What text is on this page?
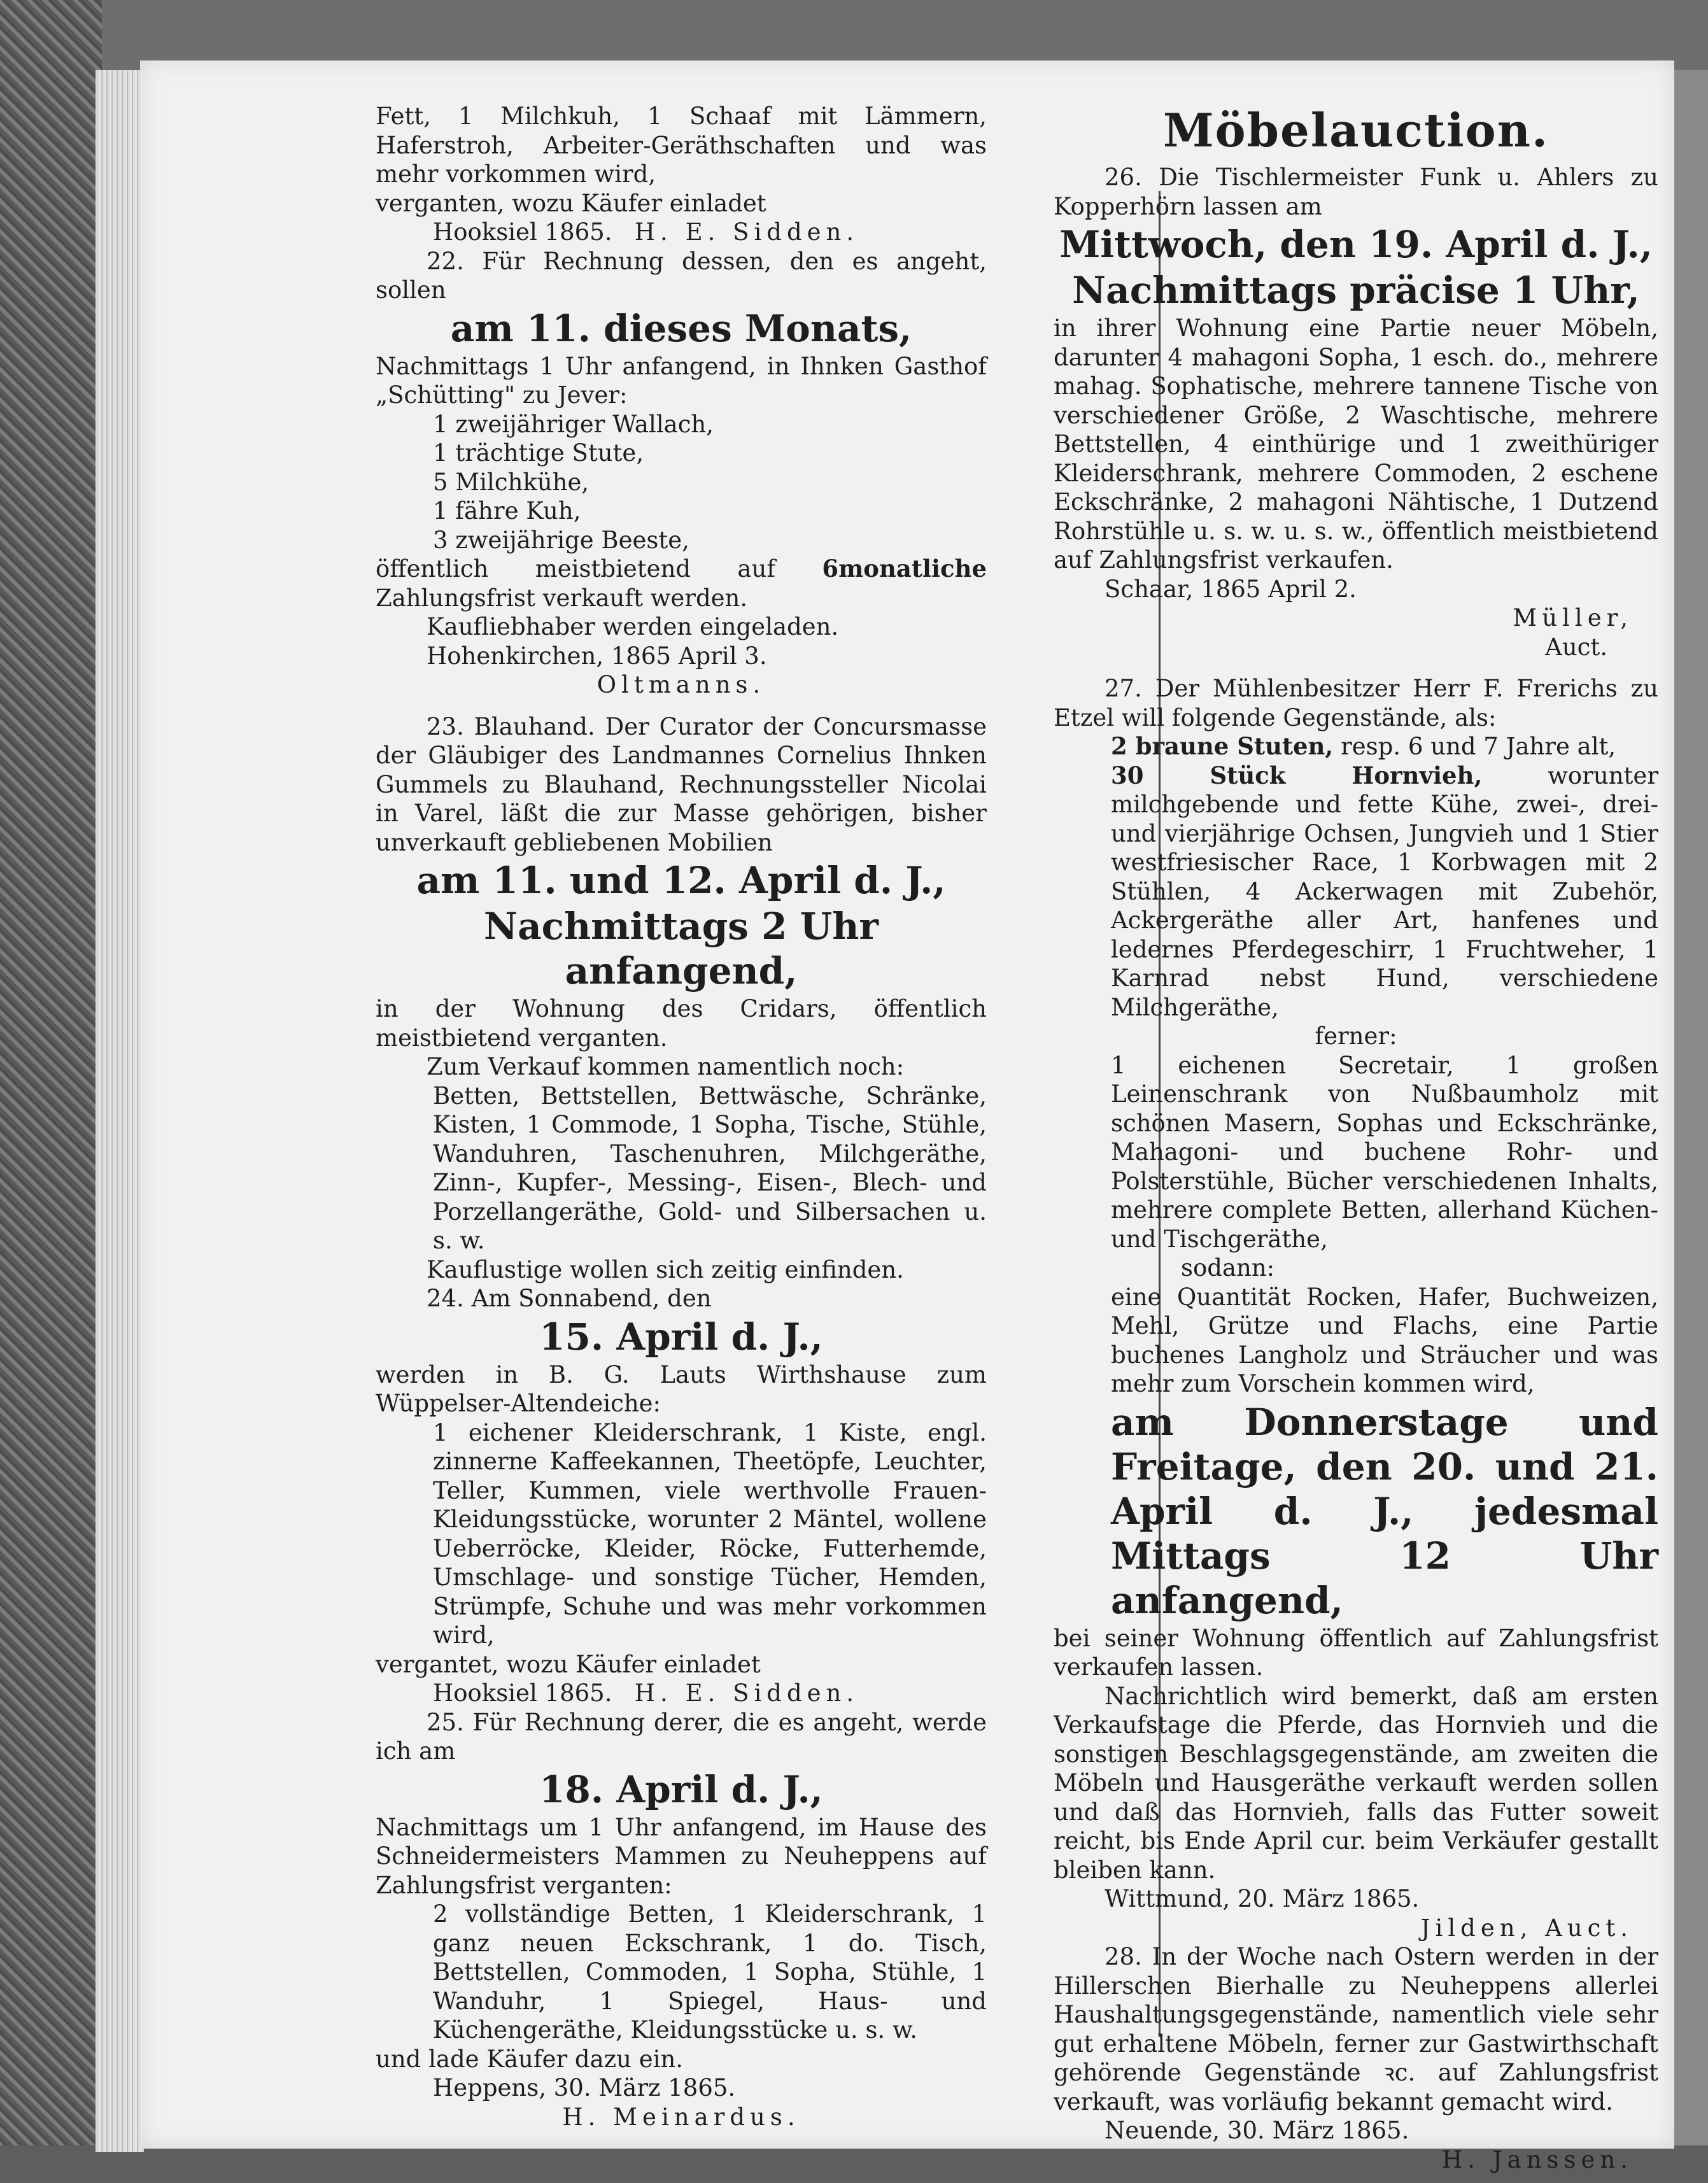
Fett, 1 Milchkuh, 1 Schaaf mit Lämmern, Haferstroh, Arbeiter-Geräthschaften und was mehr vorkommen wird,

verganten, wozu Käufer einladet

Hooksiel 1865. H. E. Sidden.

22. Für Rechnung dessen, den es angeht, sollen

am 11. dieses Monats,

Nachmittags 1 Uhr anfangend, in Ihnken Gasthof „Schütting" zu Jever:

1 zweijähriger Wallach,

1 trächtige Stute,

5 Milchkühe,

1 fähre Kuh,

3 zweijährige Beeste,

öffentlich meistbietend auf 6monatliche Zahlungsfrist verkauft werden.

Kaufliebhaber werden eingeladen.

Hohenkirchen, 1865 April 3.

Oltmanns.

23. Blauhand. Der Curator der Concursmasse der Gläubiger des Landmannes Cornelius Ihnken Gummels zu Blauhand, Rechnungssteller Nicolai in Varel, läßt die zur Masse gehörigen, bisher unverkauft gebliebenen Mobilien

am 11. und 12. April d. J.,

Nachmittags 2 Uhr anfangend,

in der Wohnung des Cridars, öffentlich meistbietend verganten.

Zum Verkauf kommen namentlich noch:

Betten, Bettstellen, Bettwäsche, Schränke, Kisten, 1 Commode, 1 Sopha, Tische, Stühle, Wanduhren, Taschenuhren, Milchgeräthe, Zinn-, Kupfer-, Messing-, Eisen-, Blech- und Porzellangeräthe, Gold- und Silbersachen u. s. w.

Kauflustige wollen sich zeitig einfinden.

24. Am Sonnabend, den

15. April d. J.,

werden in B. G. Lauts Wirthshause zum Wüppelser-Altendeiche:

1 eichener Kleiderschrank, 1 Kiste, engl. zinnerne Kaffeekannen, Theetöpfe, Leuchter, Teller, Kummen, viele werthvolle Frauen-Kleidungsstücke, worunter 2 Mäntel, wollene Ueberröcke, Kleider, Röcke, Futterhemde, Umschlage- und sonstige Tücher, Hemden, Strümpfe, Schuhe und was mehr vorkommen wird,

vergantet, wozu Käufer einladet

Hooksiel 1865. H. E. Sidden.

25. Für Rechnung derer, die es angeht, werde ich am

18. April d. J.,

Nachmittags um 1 Uhr anfangend, im Hause des Schneidermeisters Mammen zu Neuheppens auf Zahlungsfrist verganten:

2 vollständige Betten, 1 Kleiderschrank, 1 ganz neuen Eckschrank, 1 do. Tisch, Bettstellen, Commoden, 1 Sopha, Stühle, 1 Wanduhr, 1 Spiegel, Haus- und Küchengeräthe, Kleidungsstücke u. s. w.

und lade Käufer dazu ein.

Heppens, 30. März 1865.

H. Meinardus.

Möbelauction.

26. Die Tischlermeister Funk u. Ahlers zu Kopperhörn lassen am

Mittwoch, den 19. April d. J.,

Nachmittags präcise 1 Uhr,

in ihrer Wohnung eine Partie neuer Möbeln, darunter 4 mahagoni Sopha, 1 esch. do., mehrere mahag. Sophatische, mehrere tannene Tische von verschiedener Größe, 2 Waschtische, mehrere Bettstellen, 4 einthürige und 1 zweithüriger Kleiderschrank, mehrere Commoden, 2 eschene Eckschränke, 2 mahagoni Nähtische, 1 Dutzend Rohrstühle u. s. w. u. s. w., öffentlich meistbietend auf Zahlungsfrist verkaufen.

Schaar, 1865 April 2.

Müller,

Auct.

27. Der Mühlenbesitzer Herr F. Frerichs zu Etzel will folgende Gegenstände, als:

2 braune Stuten, resp. 6 und 7 Jahre alt,

30 Stück Hornvieh,	worunter milchgebende und fette Kühe, zwei-, drei- und vierjährige Ochsen, Jungvieh und 1 Stier westfriesischer Race, 1 Korbwagen mit 2 Stühlen, 4 Ackerwagen mit Zubehör, Ackergeräthe aller Art, hanfenes und ledernes Pferdegeschirr, 1 Fruchtweher, 1 Karnrad nebst Hund, verschiedene Milchgeräthe,

ferner:

1 eichenen Secretair, 1 großen Leinenschrank von Nußbaumholz mit schönen Masern, Sophas und Eckschränke, Mahagoni- und buchene Rohr- und Polsterstühle, Bücher verschiedenen Inhalts, mehrere complete Betten, allerhand Küchen- und Tischgeräthe,

sodann:

eine Quantität Rocken, Hafer, Buchweizen, Mehl, Grütze und Flachs, eine Partie buchenes Langholz und Sträucher und was mehr zum Vorschein kommen wird,

am Donnerstage und Freitage, den 20. und 21. April d. J., jedesmal Mittags 12 Uhr anfangend,

bei seiner Wohnung öffentlich auf Zahlungsfrist verkaufen lassen.

Nachrichtlich wird bemerkt, daß am ersten Verkaufstage die Pferde, das Hornvieh und die sonstigen Beschlagsgegenstände, am zweiten die Möbeln und Hausgeräthe verkauft werden sollen und daß das Hornvieh, falls das Futter soweit reicht, bis Ende April cur. beim Verkäufer gestallt bleiben kann.

Wittmund, 20. März 1865.

Jilden, Auct.

28. In der Woche nach Ostern werden in der Hillerschen Bierhalle zu Neuheppens allerlei Haushaltungsgegenstände, namentlich viele sehr gut erhaltene Möbeln, ferner zur Gastwirthschaft gehörende Gegenstände ꝛc. auf Zahlungsfrist verkauft, was vorläufig bekannt gemacht wird.

Neuende, 30. März 1865.

H. Janssen.
